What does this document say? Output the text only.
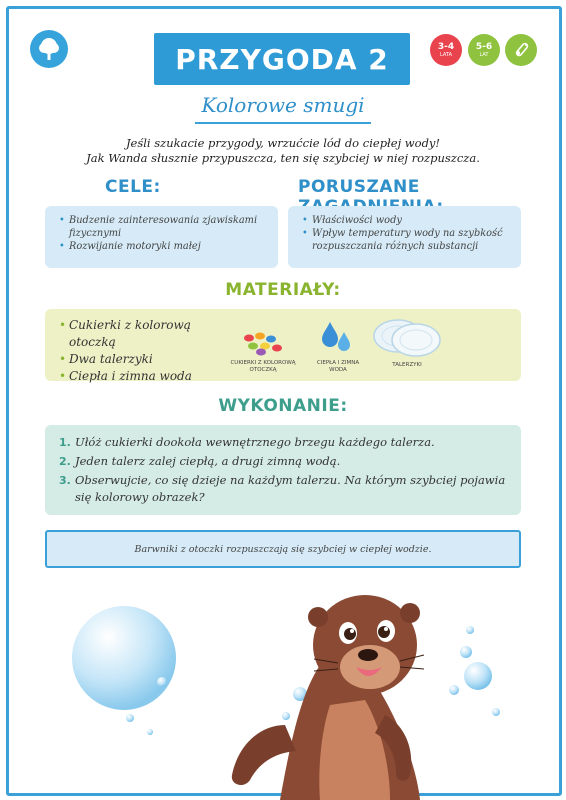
PRZYGODA 2	3-4
LATA
5-6
LAT
Kolorowe smugi
Jeśli szukacie przygody, wrzućcie lód do ciepłej wody!
Jak Wanda słusznie przypuszcza, ten się szybciej w niej rozpuszcza.
CELE:
• Budzenie zainteresowania zjawiskami fizycznymi
• Rozwijanie motoryki małej
PORUSZANE
• Właściwości wody
• Wpływ temperatury wody na szybkość rozpuszczania różnych substancji
MATERIAŁY:
• Cukierki z kolorową otoczką
• Dwa talerzyki
• Ciepła i zimna woda
CUKIERKI Z KOLOROWĄ OTOCZKĄ
CIEPŁA I ZIMNA WODA
TALERZYKI
WYKONANIE:
1. Ułóż cukierki dookoła wewnętrznego brzegu każdego talerza.
2. Jeden talerz zalej ciepłą, a drugi zimną wodą.
3. Obserwujcie, co się dzieje na każdym talerzu. Na którym szybciej pojawia się kolorowy obrazek?
Barwniki z otoczki rozpuszczają się szybciej w ciepłej wodzie.
